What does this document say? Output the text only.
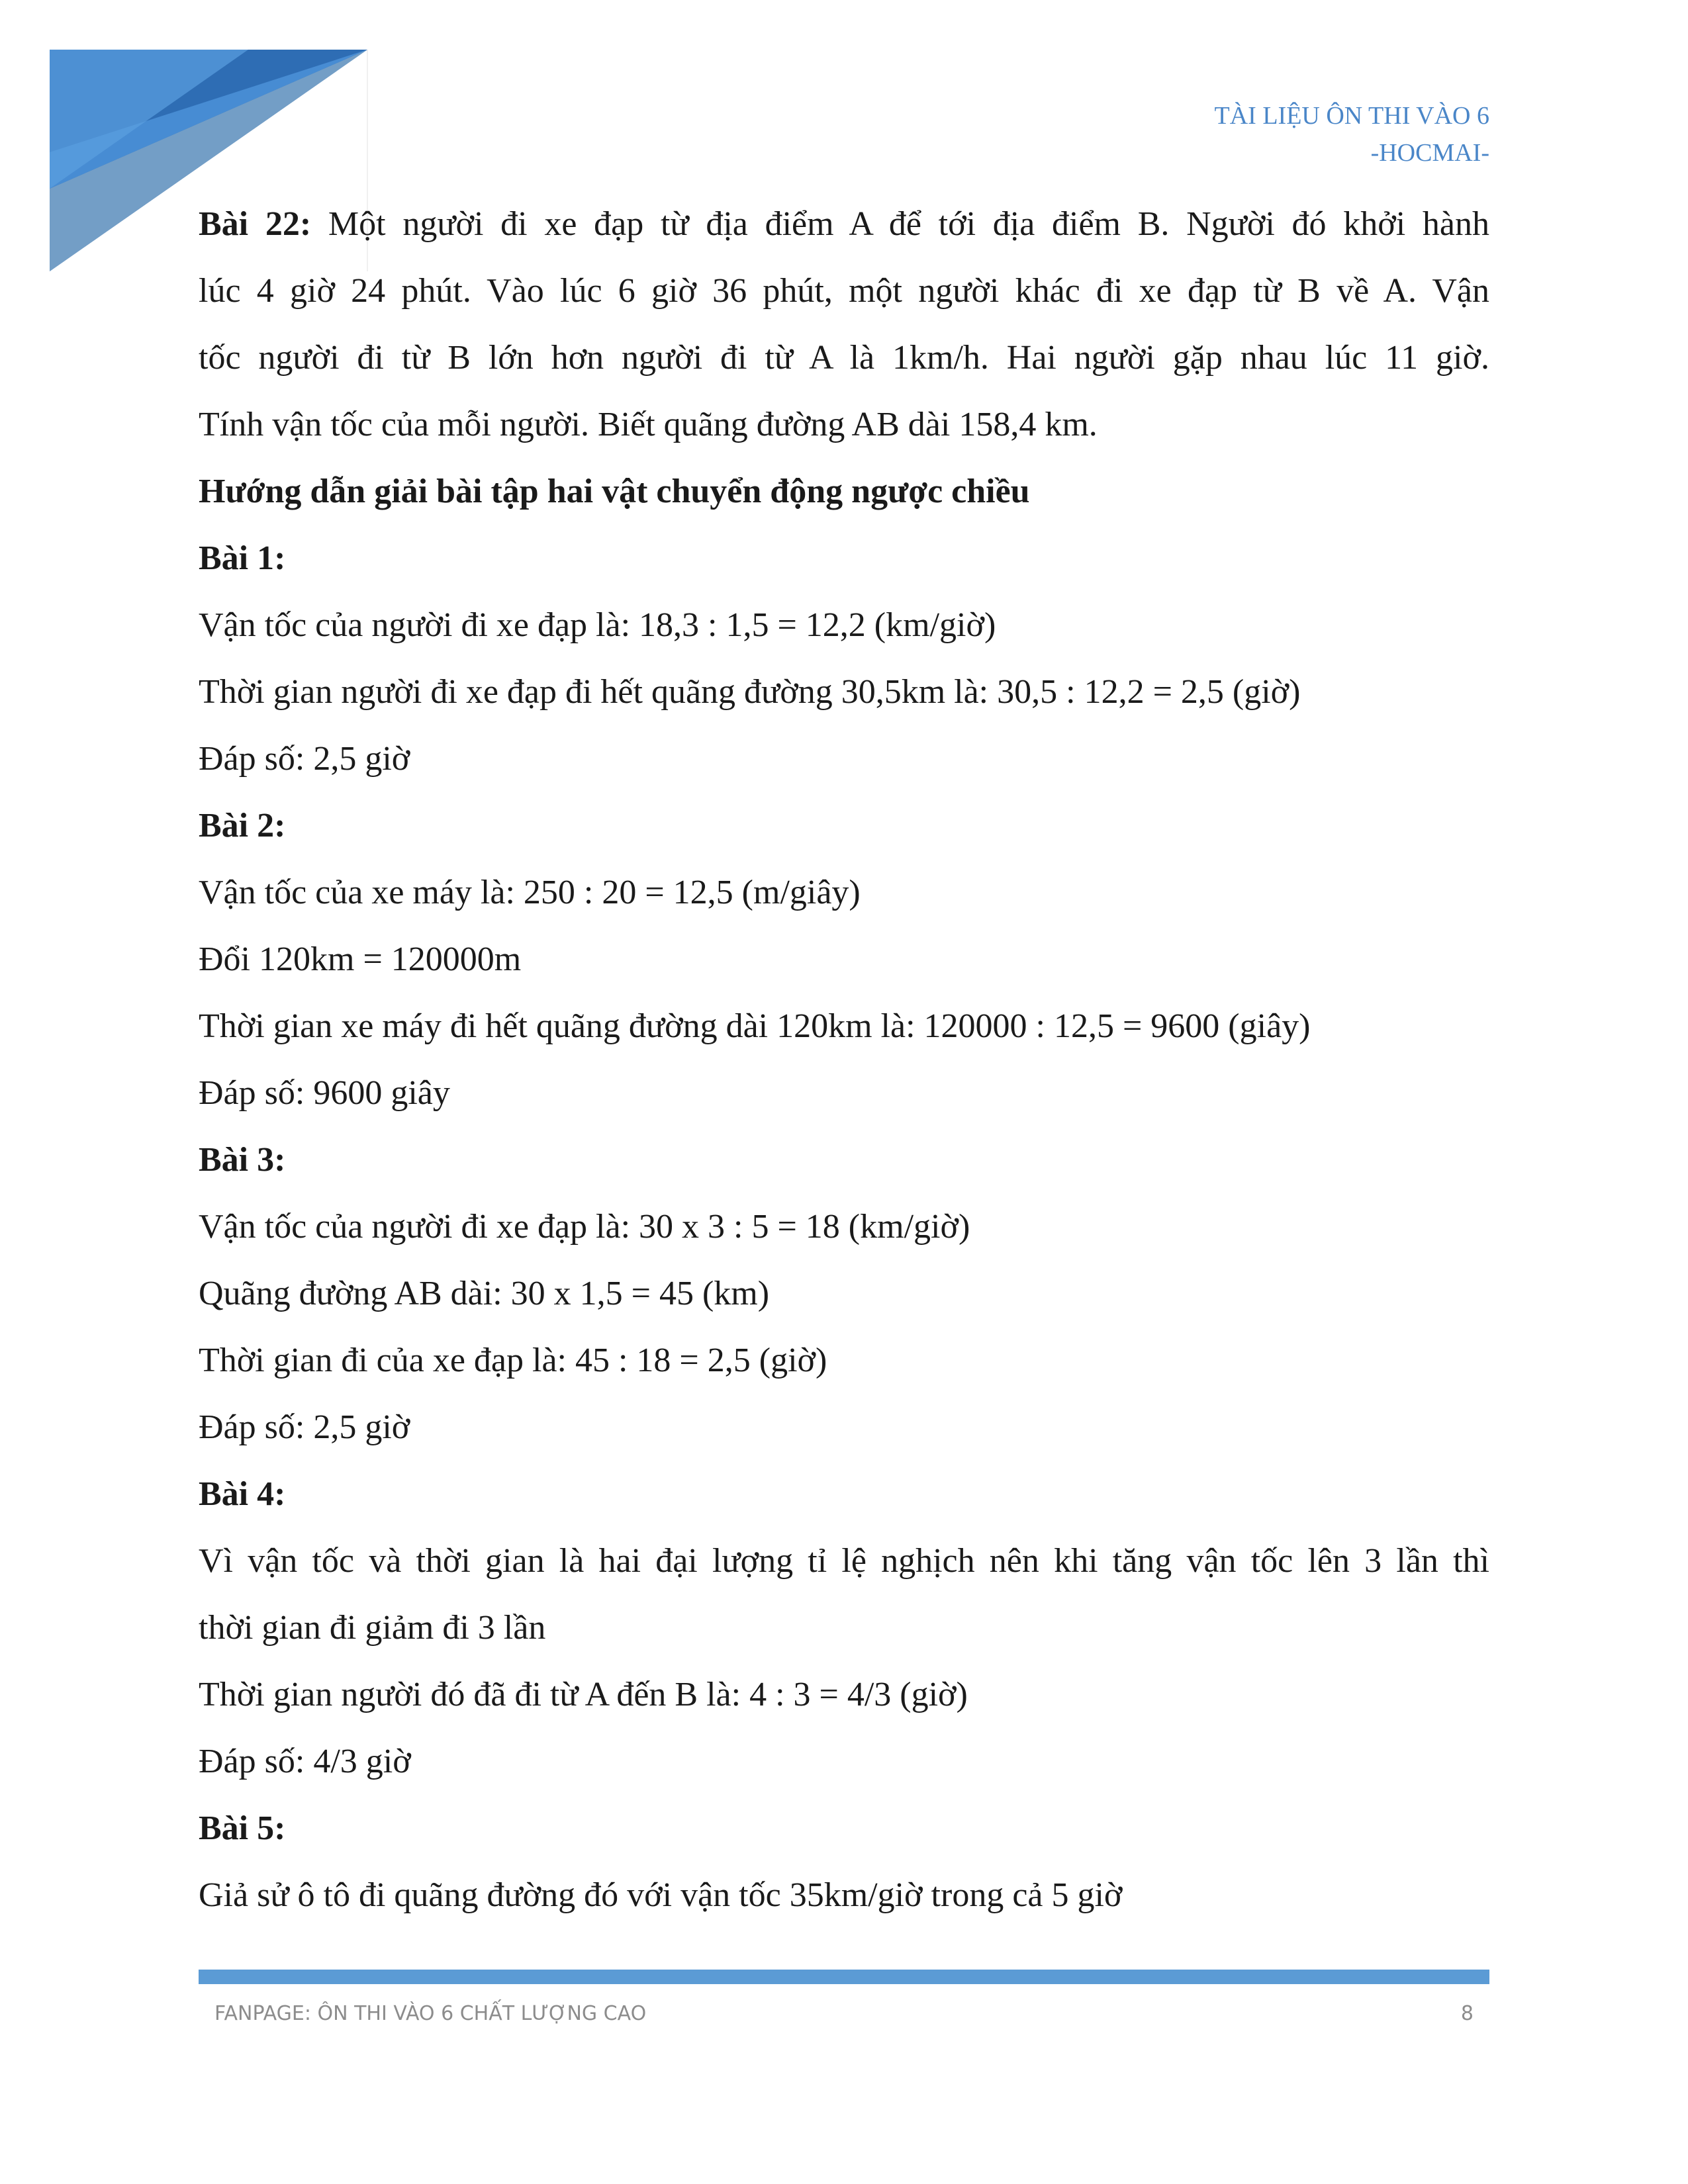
TÀI LIỆU ÔN THI VÀO 6
-HOCMAI-
Bài 22: Một người đi xe đạp từ địa điểm A để tới địa điểm B. Người đó khởi hành
lúc 4 giờ 24 phút. Vào lúc 6 giờ 36 phút, một người khác đi xe đạp từ B về A. Vận
tốc người đi từ B lớn hơn người đi từ A là 1km/h. Hai người gặp nhau lúc 11 giờ.
Tính vận tốc của mỗi người. Biết quãng đường AB dài 158,4 km.
Hướng dẫn giải bài tập hai vật chuyển động ngược chiều
Bài 1:
Vận tốc của người đi xe đạp là: 18,3 : 1,5 = 12,2 (km/giờ)
Thời gian người đi xe đạp đi hết quãng đường 30,5km là: 30,5 : 12,2 = 2,5 (giờ)
Đáp số: 2,5 giờ
Bài 2:
Vận tốc của xe máy là: 250 : 20 = 12,5 (m/giây)
Đổi 120km = 120000m
Thời gian xe máy đi hết quãng đường dài 120km là: 120000 : 12,5 = 9600 (giây)
Đáp số: 9600 giây
Bài 3:
Vận tốc của người đi xe đạp là: 30 x 3 : 5 = 18 (km/giờ)
Quãng đường AB dài: 30 x 1,5 = 45 (km)
Thời gian đi của xe đạp là: 45 : 18 = 2,5 (giờ)
Đáp số: 2,5 giờ
Bài 4:
Vì vận tốc và thời gian là hai đại lượng tỉ lệ nghịch nên khi tăng vận tốc lên 3 lần thì
thời gian đi giảm đi 3 lần
Thời gian người đó đã đi từ A đến B là: 4 : 3 = 4/3 (giờ)
Đáp số: 4/3 giờ
Bài 5:
Giả sử ô tô đi quãng đường đó với vận tốc 35km/giờ trong cả 5 giờ
FANPAGE: ÔN THI VÀO 6 CHẤT LƯỢNG CAO	8
